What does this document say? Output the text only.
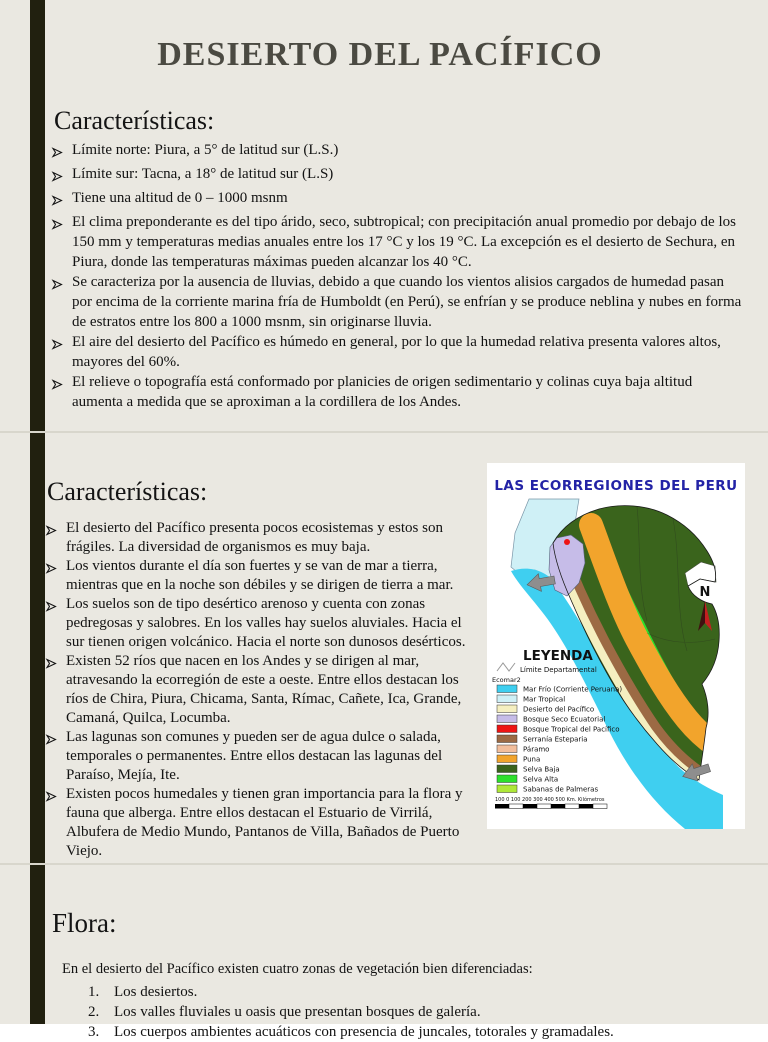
DESIERTO DEL PACÍFICO
Características:
Límite norte: Piura, a 5° de latitud sur (L.S.)
Límite sur: Tacna, a 18° de latitud sur (L.S)
Tiene una altitud de 0 – 1000 msnm
El clima preponderante es del tipo árido, seco, subtropical; con precipitación anual promedio por debajo de los 150 mm y temperaturas medias anuales entre los 17 °C y los 19 °C. La excepción es el desierto de Sechura, en Piura, donde las temperaturas máximas pueden alcanzar los 40 °C.
Se caracteriza por la ausencia de lluvias, debido a que cuando los vientos alisios cargados de humedad pasan por encima de la corriente marina fría de Humboldt (en Perú), se enfrían y se produce neblina y nubes en forma de estratos entre los 800 a 1000 msnm, sin originarse lluvia.
El aire del desierto del Pacífico es húmedo en general, por lo que la humedad relativa presenta valores altos, mayores del 60%.
El relieve o topografía está conformado por planicies de origen sedimentario y colinas cuya baja altitud aumenta a medida que se aproximan a la cordillera de los Andes.
Características:
El desierto del Pacífico presenta pocos ecosistemas y estos son frágiles. La diversidad de organismos es muy baja.
Los vientos durante el día son fuertes y se van de mar a tierra, mientras que en la noche son débiles y se dirigen de tierra a mar.
Los suelos son de tipo desértico arenoso y cuenta con zonas pedregosas y salobres. En los valles hay suelos aluviales. Hacia el sur tienen origen volcánico. Hacia el norte son dunosos desérticos.
Existen 52 ríos que nacen en los Andes y se dirigen al mar, atravesando la ecorregión de este a oeste. Entre ellos destacan los ríos de Chira, Piura, Chicama, Santa, Rímac, Cañete, Ica, Grande, Camaná, Quilca, Locumba.
Las lagunas son comunes y pueden ser de agua dulce o salada, temporales o permanentes. Entre ellos destacan las lagunas del Paraíso, Mejía, Ite.
Existen pocos humedales y tienen gran importancia para la flora y fauna que alberga. Entre ellos destacan el Estuario de Virrilá, Albufera de Medio Mundo, Pantanos de Villa, Bañados de Puerto Viejo.
LAS ECORREGIONES DEL PERU
N
LEYENDA
Límite Departamental
Ecomar2
Mar Frío (Corriente Peruana)
Mar Tropical
Desierto del Pacífico
Bosque Seco Ecuatorial
Bosque Tropical del Pacífico
Serranía Esteparia
Páramo
Puna
Selva Baja
Selva Alta
Sabanas de Palmeras
100 0 100 200 300 400 500 Km. Kilómetros
Flora:

En el desierto del Pacífico existen cuatro zonas de vegetación bien diferenciadas:

1. Los desiertos.
2. Los valles fluviales u oasis que presentan bosques de galería.
3. Los cuerpos ambientes acuáticos con presencia de juncales, totorales y gramadales.
